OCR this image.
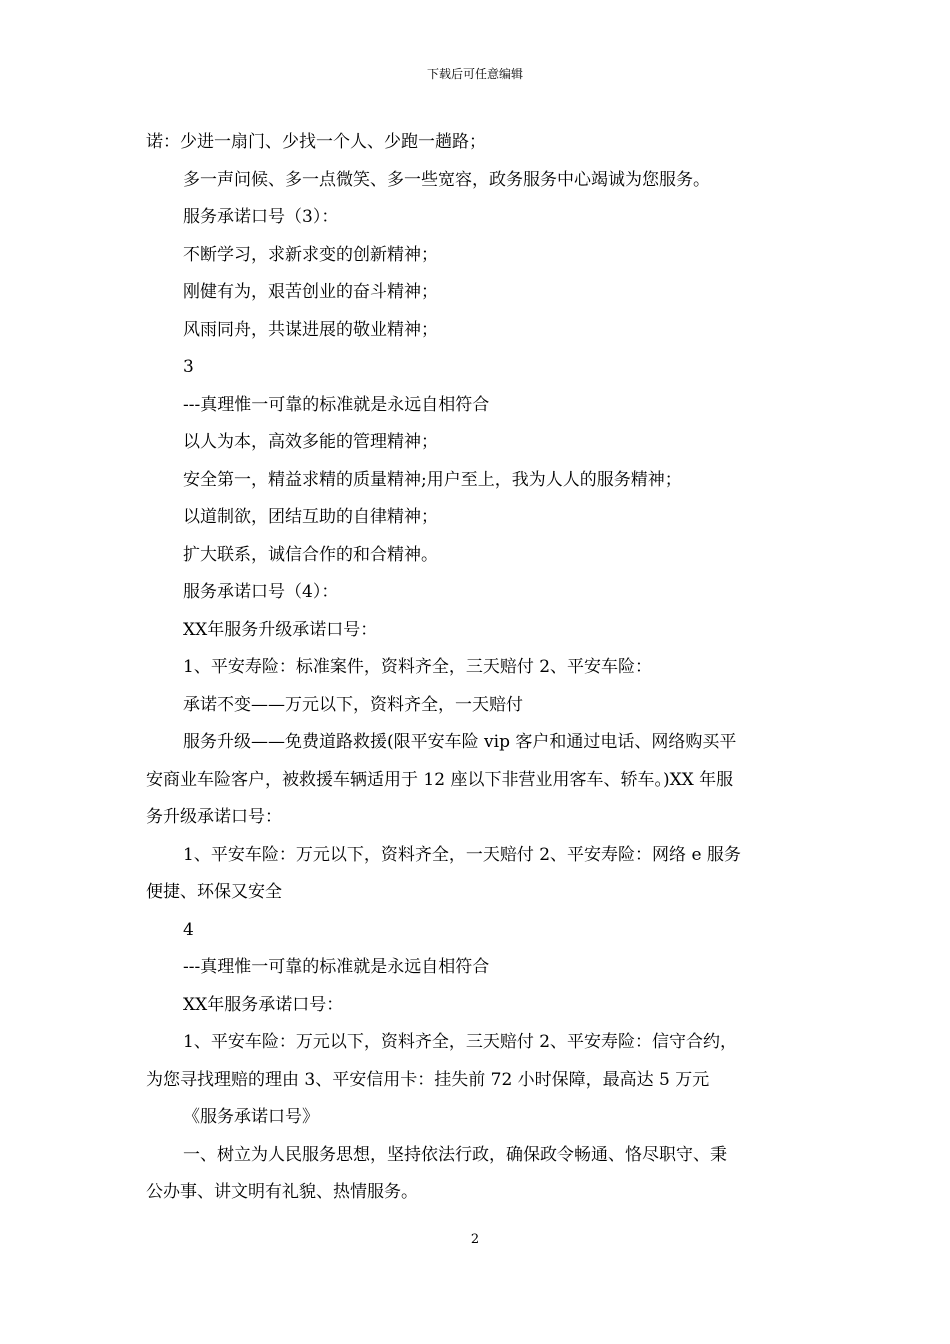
下载后可任意编辑
诺：少进一扇门、少找一个人、少跑一趟路；
多一声问候、多一点微笑、多一些宽容，政务服务中心竭诚为您服务。
服务承诺口号（3）：
不断学习，求新求变的创新精神；
刚健有为，艰苦创业的奋斗精神；
风雨同舟，共谋进展的敬业精神；
3
---真理惟一可靠的标准就是永远自相符合
以人为本，高效多能的管理精神；
安全第一，精益求精的质量精神;用户至上，我为人人的服务精神；
以道制欲，团结互助的自律精神；
扩大联系，诚信合作的和合精神。
服务承诺口号（4）：
XX年服务升级承诺口号：
1、平安寿险：标准案件，资料齐全，三天赔付 2、平安车险：
承诺不变——万元以下，资料齐全，一天赔付
服务升级——免费道路救援(限平安车险 vip 客户和通过电话、网络购买平
安商业车险客户，被救援车辆适用于 12 座以下非营业用客车、轿车。)XX 年服
务升级承诺口号：
1、平安车险：万元以下，资料齐全，一天赔付 2、平安寿险：网络 e 服务
便捷、环保又安全
4
---真理惟一可靠的标准就是永远自相符合
XX年服务承诺口号：
1、平安车险：万元以下，资料齐全，三天赔付 2、平安寿险：信守合约，
为您寻找理赔的理由 3、平安信用卡：挂失前 72 小时保障，最高达 5 万元
《服务承诺口号》
一、树立为人民服务思想，坚持依法行政，确保政令畅通、恪尽职守、秉
公办事、讲文明有礼貌、热情服务。
2
